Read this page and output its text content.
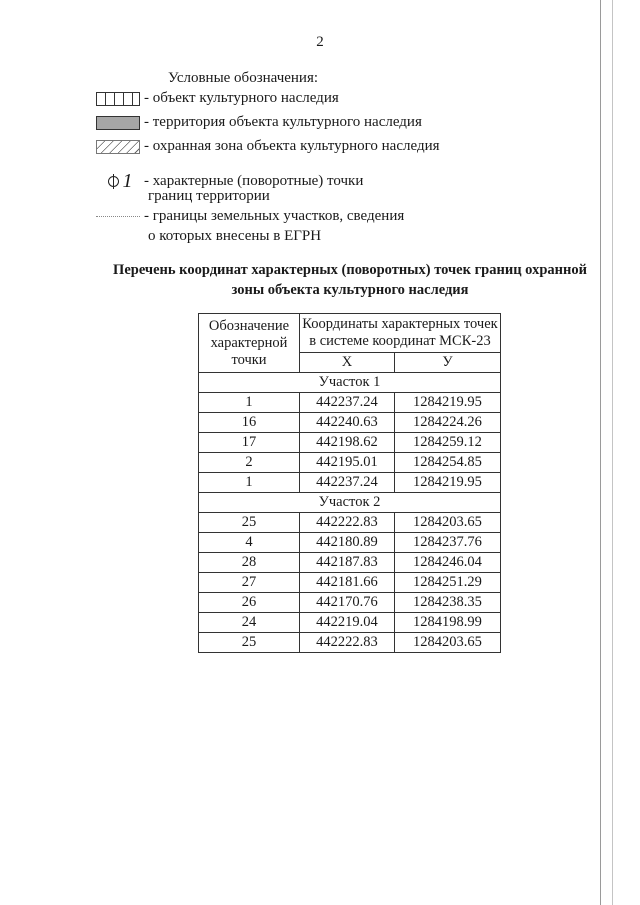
2
Условные обозначения:
- объект культурного наследия
- территория объекта культурного наследия
- охранная зона объекта культурного наследия
1 - характерные (поворотные) точки
границ территории
- границы земельных участков, сведения
о которых внесены в ЕГРН
Перечень координат характерных (поворотных) точек границ охранной
зоны объекта культурного наследия
Обозначение характерной точки	Координаты характерных точек в системе координат МСК-23	
	Х	У
Участок 1		
1	442237.24	1284219.95
16	442240.63	1284224.26
17	442198.62	1284259.12
2	442195.01	1284254.85
1	442237.24	1284219.95
Участок 2		
25	442222.83	1284203.65
4	442180.89	1284237.76
28	442187.83	1284246.04
27	442181.66	1284251.29
26	442170.76	1284238.35
24	442219.04	1284198.99
25	442222.83	1284203.65
